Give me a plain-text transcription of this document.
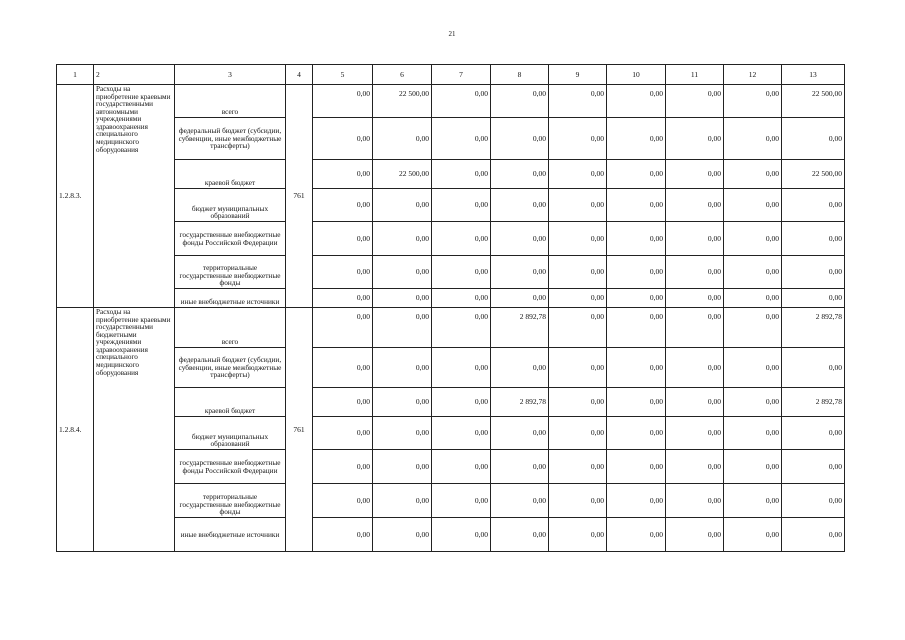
21
1	2	3	4	5	6	7	8	9	10	11	12	13
1.2.8.3.	Расходы на приобретение краевыми государственными автономными учреждениями здравоохранения специального медицинского оборудования	всего	761	0,00	22 500,00	0,00	0,00	0,00	0,00	0,00	0,00	22 500,00
		федеральный бюджет (субсидии, субвенции, иные межбюджетные трансферты)		0,00	0,00	0,00	0,00	0,00	0,00	0,00	0,00	0,00
		краевой бюджет		0,00	22 500,00	0,00	0,00	0,00	0,00	0,00	0,00	22 500,00
		бюджет муниципальных образований		0,00	0,00	0,00	0,00	0,00	0,00	0,00	0,00	0,00
		государственные внебюджетные фонды Российской Федерации		0,00	0,00	0,00	0,00	0,00	0,00	0,00	0,00	0,00
		территориальные государственные внебюджетные фонды		0,00	0,00	0,00	0,00	0,00	0,00	0,00	0,00	0,00
		иные внебюджетные источники		0,00	0,00	0,00	0,00	0,00	0,00	0,00	0,00	0,00
1.2.8.4.	Расходы на приобретение краевыми государственными бюджетными учреждениями здравоохранения специального медицинского оборудования	всего	761	0,00	0,00	0,00	2 892,78	0,00	0,00	0,00	0,00	2 892,78
		федеральный бюджет (субсидии, субвенции, иные межбюджетные трансферты)		0,00	0,00	0,00	0,00	0,00	0,00	0,00	0,00	0,00
		краевой бюджет		0,00	0,00	0,00	2 892,78	0,00	0,00	0,00	0,00	2 892,78
		бюджет муниципальных образований		0,00	0,00	0,00	0,00	0,00	0,00	0,00	0,00	0,00
		государственные внебюджетные фонды Российской Федерации		0,00	0,00	0,00	0,00	0,00	0,00	0,00	0,00	0,00
		территориальные государственные внебюджетные фонды		0,00	0,00	0,00	0,00	0,00	0,00	0,00	0,00	0,00
		иные внебюджетные источники		0,00	0,00	0,00	0,00	0,00	0,00	0,00	0,00	0,00
